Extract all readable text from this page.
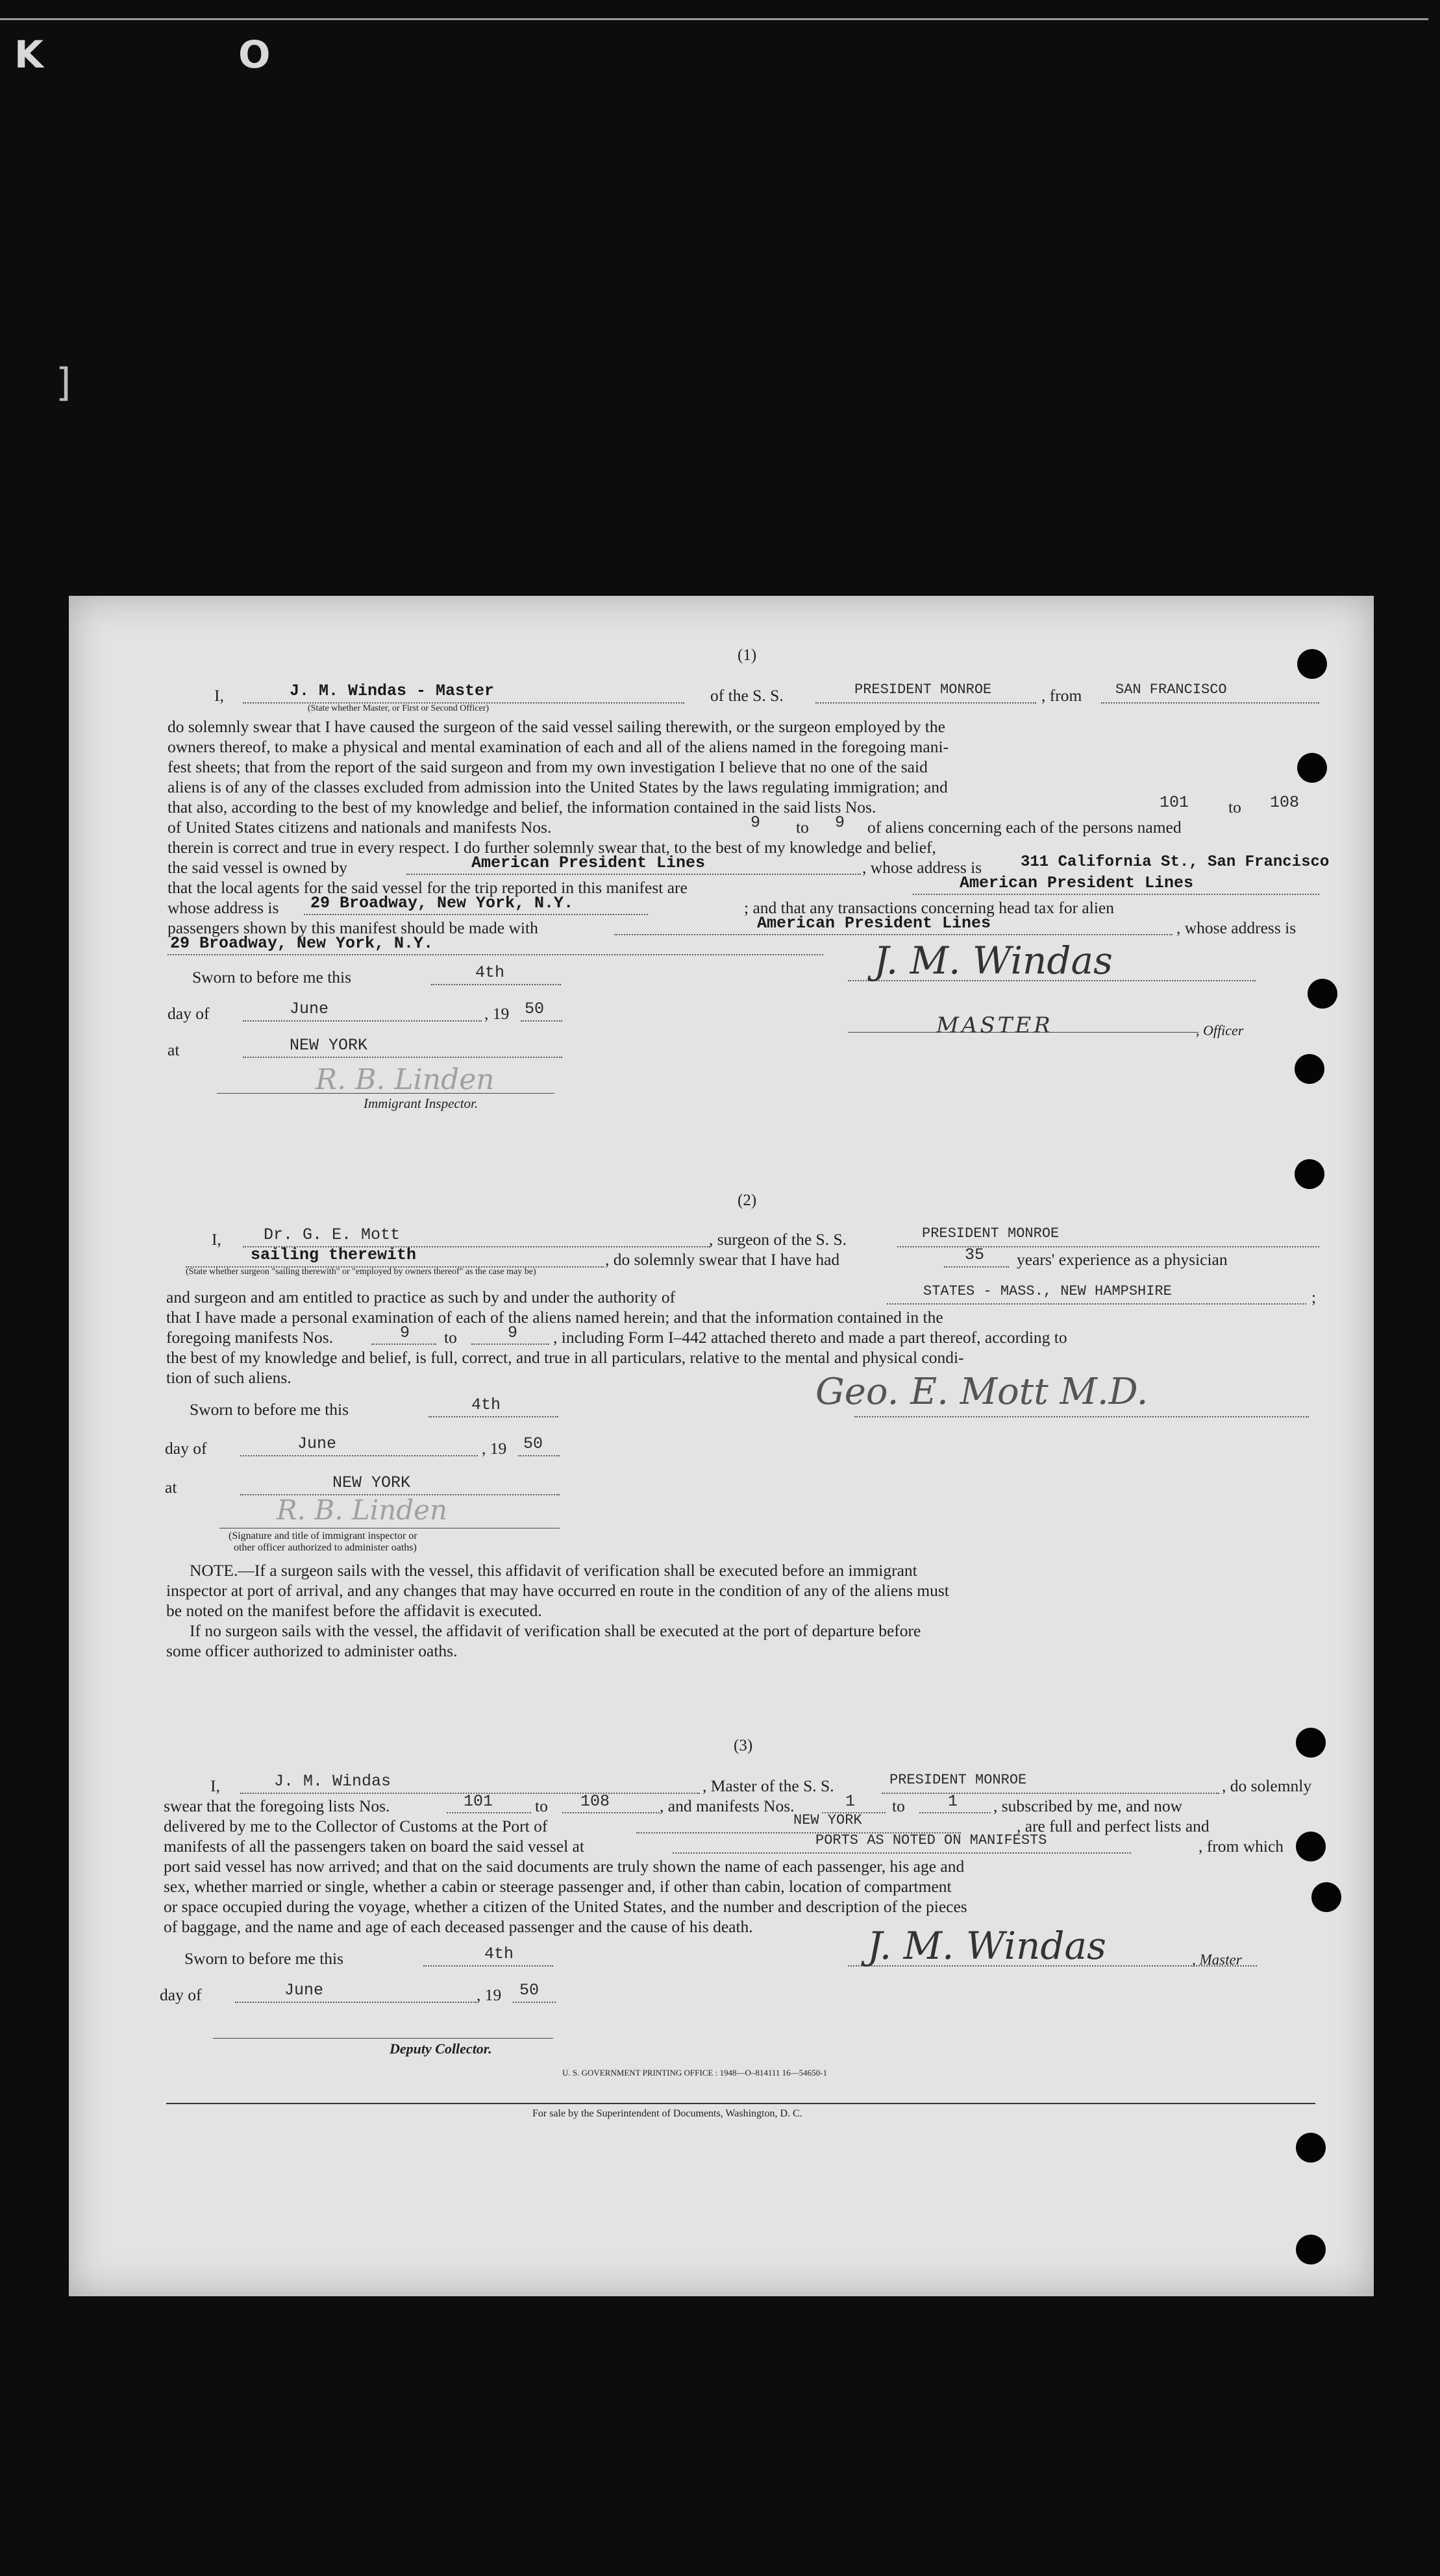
K O
]
(1)
I,	J. M. Windas - Master
(State whether Master, or First or Second Officer)
of the S. S.	PRESIDENT MONROE	, from SAN FRANCISCO
do solemnly swear that I have caused the surgeon of the said vessel sailing therewith, or the surgeon employed by the
owners thereof, to make a physical and mental examination of each and all of the aliens named in the foregoing mani-
fest sheets; that from the report of the said surgeon and from my own investigation I believe that no one of the said
aliens is of any of the classes excluded from admission into the United States by the laws regulating immigration; and
that also, according to the best of my knowledge and belief, the information contained in the said lists Nos.	101 to 108
of United States citizens and nationals and manifests Nos.	9 to 9 of aliens concerning each of the persons named
therein is correct and true in every respect. I do further solemnly swear that, to the best of my knowledge and belief,
the said vessel is owned by	American President Lines	, whose address is 311 California St., San Francisco
that the local agents for the said vessel for the trip reported in this manifest are	American President Lines
whose address is 29 Broadway, New York, N.Y.	; and that any transactions concerning head tax for alien
passengers shown by this manifest should be made with	American President Lines	, whose address is
29 Broadway, New York, N.Y.
Sworn to before me this	4th
day of	June	, 19 50
at	NEW YORK
R. B. Linden
Immigrant Inspector.
J. M. Windas
MASTER	, Officer
(2)
I,	Dr. G. E. Mott	, surgeon of the S. S.	PRESIDENT MONROE
sailing therewith	, do solemnly swear that I have had	35 years' experience as a physician
(State whether surgeon "sailing therewith" or "employed by owners thereof" as the case may be)
and surgeon and am entitled to practice as such by and under the authority of	STATES - MASS., NEW HAMPSHIRE	;
that I have made a personal examination of each of the aliens named herein; and that the information contained in the
foregoing manifests Nos.	9 to	9 , including Form I–442 attached thereto and made a part thereof, according to
the best of my knowledge and belief, is full, correct, and true in all particulars, relative to the mental and physical condi-
tion of such aliens.
Sworn to before me this	4th
day of	June	, 19 50
at	NEW YORK
R. B. Linden
(Signature and title of immigrant inspector or
other officer authorized to administer oaths)
Geo. E. Mott M.D.
NOTE.—If a surgeon sails with the vessel, this affidavit of verification shall be executed before an immigrant
inspector at port of arrival, and any changes that may have occurred en route in the condition of any of the aliens must
be noted on the manifest before the affidavit is executed.
If no surgeon sails with the vessel, the affidavit of verification shall be executed at the port of departure before
some officer authorized to administer oaths.
(3)
I,	J. M. Windas	, Master of the S. S.	PRESIDENT MONROE	, do solemnly
swear that the foregoing lists Nos.	101	to 108	, and manifests Nos.	1 to	1 , subscribed by me, and now
delivered by me to the Collector of Customs at the Port of	NEW YORK	, are full and perfect lists and
manifests of all the passengers taken on board the said vessel at	PORTS AS NOTED ON MANIFESTS	, from which
port said vessel has now arrived; and that on the said documents are truly shown the name of each passenger, his age and
sex, whether married or single, whether a cabin or steerage passenger and, if other than cabin, location of compartment
or space occupied during the voyage, whether a citizen of the United States, and the number and description of the pieces
of baggage, and the name and age of each deceased passenger and the cause of his death.
Sworn to before me this	4th
day of	June	, 19 50
Deputy Collector.
J. M. Windas	, Master
U. S. GOVERNMENT PRINTING OFFICE : 1948—O–814111 16—54650-1
For sale by the Superintendent of Documents, Washington, D. C.
